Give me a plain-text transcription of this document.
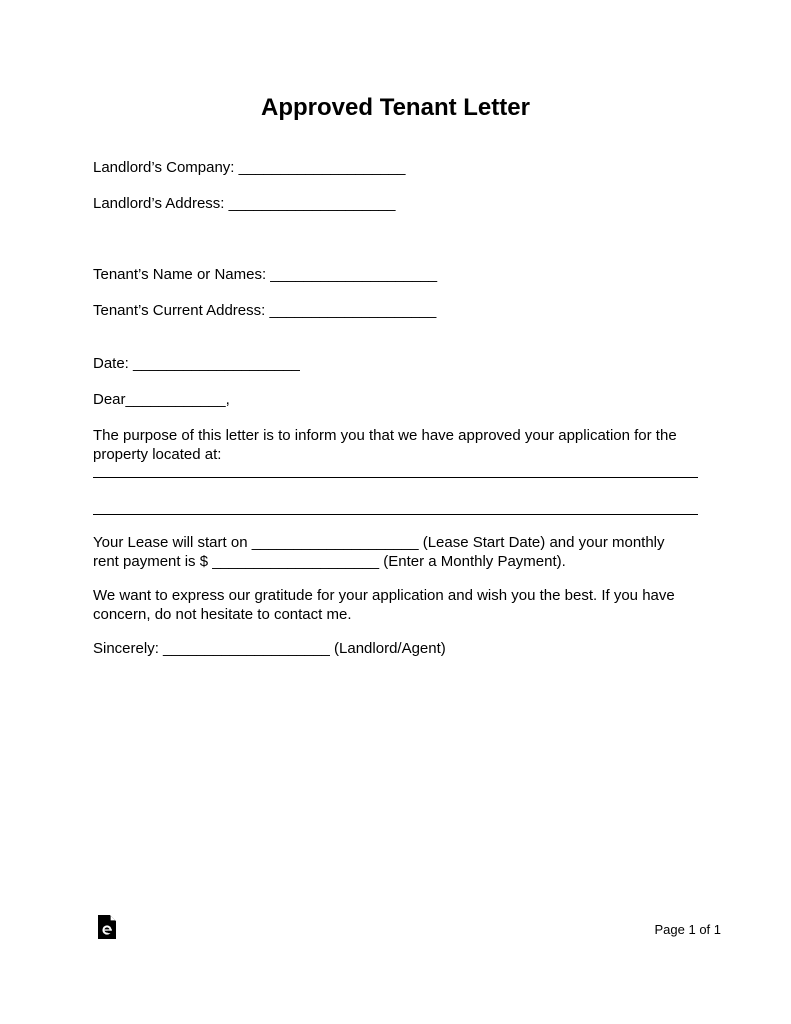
Approved Tenant Letter
Landlord’s Company: ____________________
Landlord’s Address: ____________________
Tenant’s Name or Names: ____________________
Tenant’s Current Address: ____________________
Date: ____________________
Dear____________,
The purpose of this letter is to inform you that we have approved your application for the
property located at:
Your Lease will start on ____________________ (Lease Start Date) and your monthly
rent payment is $ ____________________ (Enter a Monthly Payment).
We want to express our gratitude for your application and wish you the best. If you have
concern, do not hesitate to contact me.
Sincerely: ____________________ (Landlord/Agent)
Page 1 of 1
